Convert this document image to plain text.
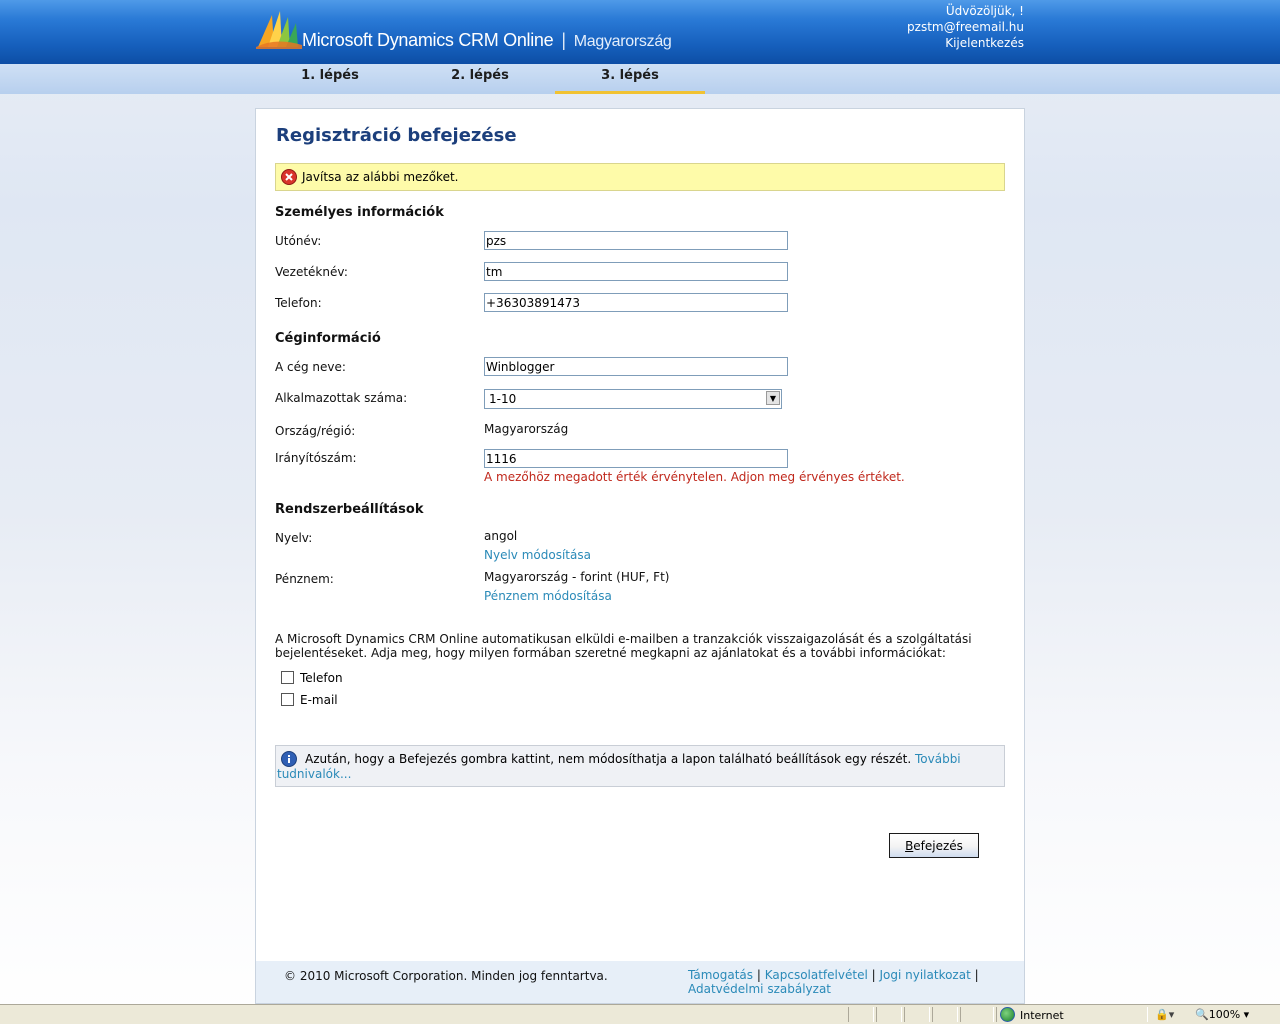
Microsoft Dynamics CRM Online | Magyarország
Üdvözöljük, !
pzstm@freemail.hu
Kijelentkezés
1. lépés	2. lépés	3. lépés
Regisztráció befejezése
Javítsa az alábbi mezőket.
Személyes információk
Utónév:
pzs
Vezetéknév:
tm
Telefon:
+36303891473
Céginformáció
A cég neve:
Winblogger
Alkalmazottak száma:	1-10	▼
Ország/régió:	Magyarország
Irányítószám:
1116
A mezőhöz megadott érték érvénytelen. Adjon meg érvényes értéket.
Rendszerbeállítások
Nyelv:	angol
Nyelv módosítása
Pénznem:	Magyarország - forint (HUF, Ft)
Pénznem módosítása
A Microsoft Dynamics CRM Online automatikusan elküldi e-mailben a tranzakciók visszaigazolását és a szolgáltatási bejelentéseket. Adja meg, hogy milyen formában szeretné megkapni az ajánlatokat és a további információkat:
Telefon
E-mail
Azután, hogy a Befejezés gombra kattint, nem módosíthatja a lapon található beállítások egy részét. További tudnivalók...
Befejezés
© 2010 Microsoft Corporation. Minden jog fenntartva.	Támogatás | Kapcsolatfelvétel | Jogi nyilatkozat | Adatvédelmi szabályzat
Internet	🔒▾ 🔍100% ▾
